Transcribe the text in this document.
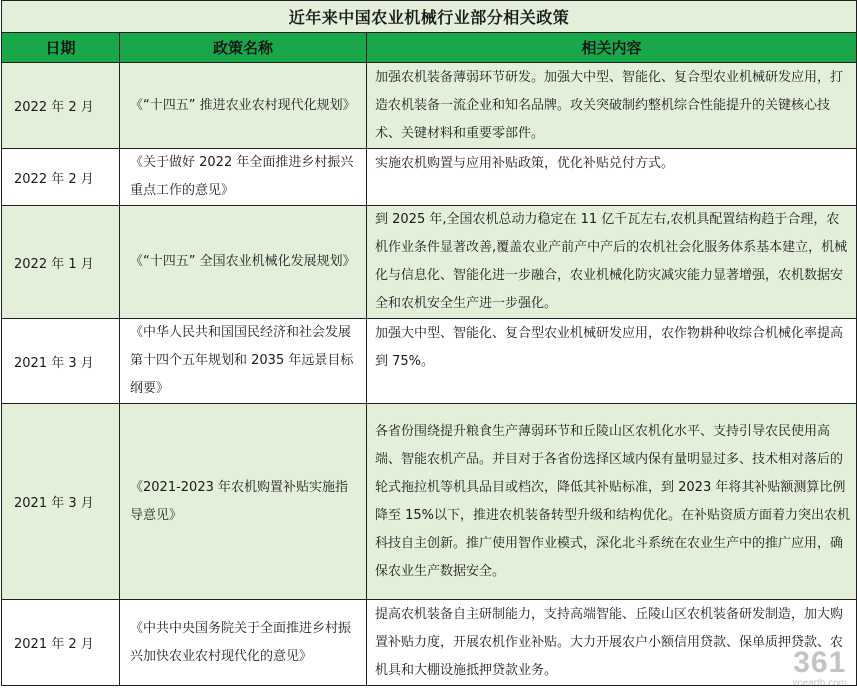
近年来中国农业机械行业部分相关政策		
日期	政策名称	相关内容
2022 年 2 月	《“十四五” 推进农业农村现代化规划》	加强农机装备薄弱环节研发。加强大中型、智能化、复合型农业机械研发应用，打造农机装备一流企业和知名品牌。攻关突破制约整机综合性能提升的关键核心技术、关键材料和重要零部件。
2022 年 2 月	《关于做好 2022 年全面推进乡村振兴重点工作的意见》	实施农机购置与应用补贴政策，优化补贴兑付方式。
2022 年 1 月	《“十四五” 全国农业机械化发展规划》	到 2025 年,全国农机总动力稳定在 11 亿千瓦左右,农机具配置结构趋于合理，农机作业条件显著改善,覆盖农业产前产中产后的农机社会化服务体系基本建立，机械化与信息化、智能化进一步融合，农业机械化防灾减灾能力显著增强，农机数据安全和农机安全生产进一步强化。
2021 年 3 月	《中华人民共和国国民经济和社会发展第十四个五年规划和 2035 年远景目标纲要》	加强大中型、智能化、复合型农业机械研发应用，农作物耕种收综合机械化率提高到 75%。
2021 年 3 月	《2021-2023 年农机购置补贴实施指导意见》	各省份围绕提升粮食生产薄弱环节和丘陵山区农机化水平、支持引导农民使用高端、智能农机产品。并目对于各省份选择区域内保有量明显过多、技术相对落后的轮式拖拉机等机具品目或档次，降低其补贴标准，到 2023 年将其补贴额测算比例降至 15%以下，推进农机装备转型升级和结构优化。在补贴资质方面着力突出农机科技自主创新。推广使用智作业模式，深化北斗系统在农业生产中的推广应用，确保农业生产数据安全。
2021 年 2 月	《中共中央国务院关于全面推进乡村振兴加快农业农村现代化的意见》	提高农机装备自主研制能力，支持高端智能、丘陵山区农机装备研发制造，加大购置补贴力度，开展农机作业补贴。大力开展农户小额信用贷款、保单质押贷款、农机具和大棚设施抵押贷款业务。	361
vcearth.com
